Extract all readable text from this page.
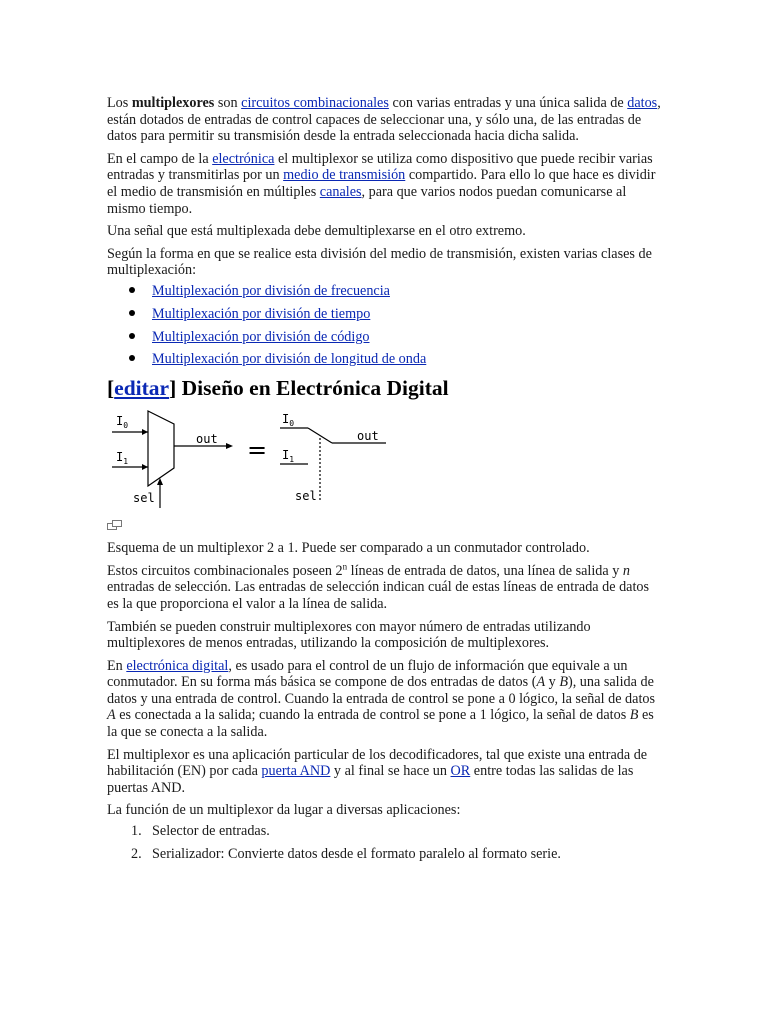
Los multiplexores son circuitos combinacionales con varias entradas y una única salida de datos, están dotados de entradas de control capaces de seleccionar una, y sólo una, de las entradas de datos para permitir su transmisión desde la entrada seleccionada hacia dicha salida.

En el campo de la electrónica el multiplexor se utiliza como dispositivo que puede recibir varias entradas y transmitirlas por un medio de transmisión compartido. Para ello lo que hace es dividir el medio de transmisión en múltiples canales, para que varios nodos puedan comunicarse al mismo tiempo.

Una señal que está multiplexada debe demultiplexarse en el otro extremo.

Según la forma en que se realice esta división del medio de transmisión, existen varias clases de multiplexación:

Multiplexación por división de frecuencia
Multiplexación por división de tiempo
Multiplexación por división de código
Multiplexación por división de longitud de onda
[editar] Diseño en Electrónica Digital
$I_0$
$I_1$
out
sel
=
$I_0$
$I_1$
out
sel

Esquema de un multiplexor 2 a 1. Puede ser comparado a un conmutador controlado.

Estos circuitos combinacionales poseen 2$^n$ líneas de entrada de datos, una línea de salida y n entradas de selección. Las entradas de selección indican cuál de estas líneas de entrada de datos es la que proporciona el valor a la línea de salida.

También se pueden construir multiplexores con mayor número de entradas utilizando multiplexores de menos entradas, utilizando la composición de multiplexores.

En electrónica digital, es usado para el control de un flujo de información que equivale a un conmutador. En su forma más básica se compone de dos entradas de datos (A y B), una salida de datos y una entrada de control. Cuando la entrada de control se pone a 0 lógico, la señal de datos A es conectada a la salida; cuando la entrada de control se pone a 1 lógico, la señal de datos B es la que se conecta a la salida.

El multiplexor es una aplicación particular de los decodificadores, tal que existe una entrada de habilitación (EN) por cada puerta AND y al final se hace un OR entre todas las salidas de las puertas AND.

La función de un multiplexor da lugar a diversas aplicaciones:

1. Selector de entradas.
2. Serializador: Convierte datos desde el formato paralelo al formato serie.
